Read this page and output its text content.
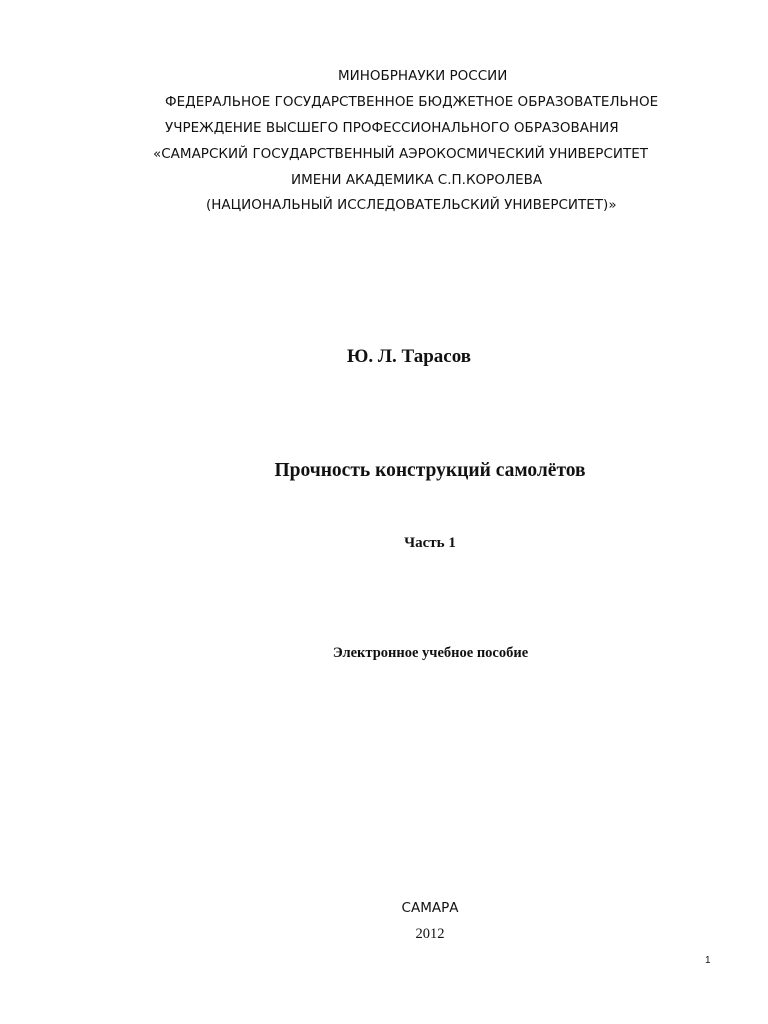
МИНОБРНАУКИ РОССИИ
ФЕДЕРАЛЬНОЕ ГОСУДАРСТВЕННОЕ БЮДЖЕТНОЕ ОБРАЗОВАТЕЛЬНОЕ
УЧРЕЖДЕНИЕ ВЫСШЕГО ПРОФЕССИОНАЛЬНОГО ОБРАЗОВАНИЯ
«САМАРСКИЙ ГОСУДАРСТВЕННЫЙ АЭРОКОСМИЧЕСКИЙ УНИВЕРСИТЕТ
ИМЕНИ АКАДЕМИКА С.П.КОРОЛЕВА
(НАЦИОНАЛЬНЫЙ ИССЛЕДОВАТЕЛЬСКИЙ УНИВЕРСИТЕТ)»
Ю. Л. Тарасов
Прочность конструкций самолётов
Часть 1
Электронное учебное пособие
САМАРА
2012
1
